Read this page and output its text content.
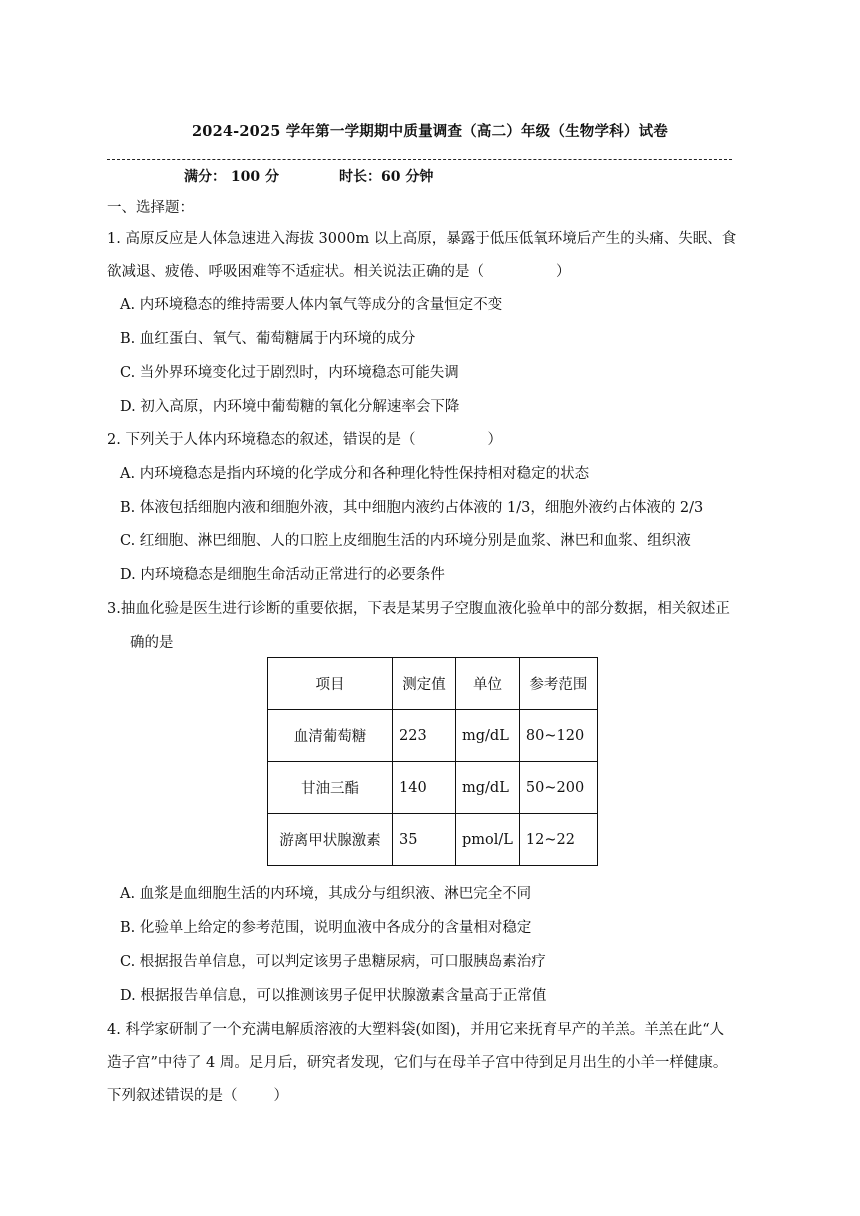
2024-2025 学年第一学期期中质量调查（高二）年级（生物学科）试卷
满分： 100 分	时长：60 分钟
一、选择题：
1. 高原反应是人体急速进入海拔 3000m 以上高原，暴露于低压低氧环境后产生的头痛、失眠、食
欲减退、疲倦、呼吸困难等不适症状。相关说法正确的是（	）
A. 内环境稳态的维持需要人体内氧气等成分的含量恒定不变
B. 血红蛋白、氧气、葡萄糖属于内环境的成分
C. 当外界环境变化过于剧烈时，内环境稳态可能失调
D. 初入高原，内环境中葡萄糖的氧化分解速率会下降
2. 下列关于人体内环境稳态的叙述，错误的是（	）
A. 内环境稳态是指内环境的化学成分和各种理化特性保持相对稳定的状态
B. 体液包括细胞内液和细胞外液，其中细胞内液约占体液的 1/3，细胞外液约占体液的 2/3
C. 红细胞、淋巴细胞、人的口腔上皮细胞生活的内环境分别是血浆、淋巴和血浆、组织液
D. 内环境稳态是细胞生命活动正常进行的必要条件
3.抽血化验是医生进行诊断的重要依据，下表是某男子空腹血液化验单中的部分数据，相关叙述正
确的是
项目	测定值	单位	参考范围
血清葡萄糖	223	mg/dL	80~120
甘油三酯	140	mg/dL	50~200
游离甲状腺激素	35	pmol/L	12~22
A. 血浆是血细胞生活的内环境，其成分与组织液、淋巴完全不同
B. 化验单上给定的参考范围，说明血液中各成分的含量相对稳定
C. 根据报告单信息，可以判定该男子患糖尿病，可口服胰岛素治疗
D. 根据报告单信息，可以推测该男子促甲状腺激素含量高于正常值
4. 科学家研制了一个充满电解质溶液的大塑料袋(如图)，并用它来抚育早产的羊羔。羊羔在此“人
造子宫”中待了 4 周。足月后，研究者发现，它们与在母羊子宫中待到足月出生的小羊一样健康。
下列叙述错误的是（ ）
